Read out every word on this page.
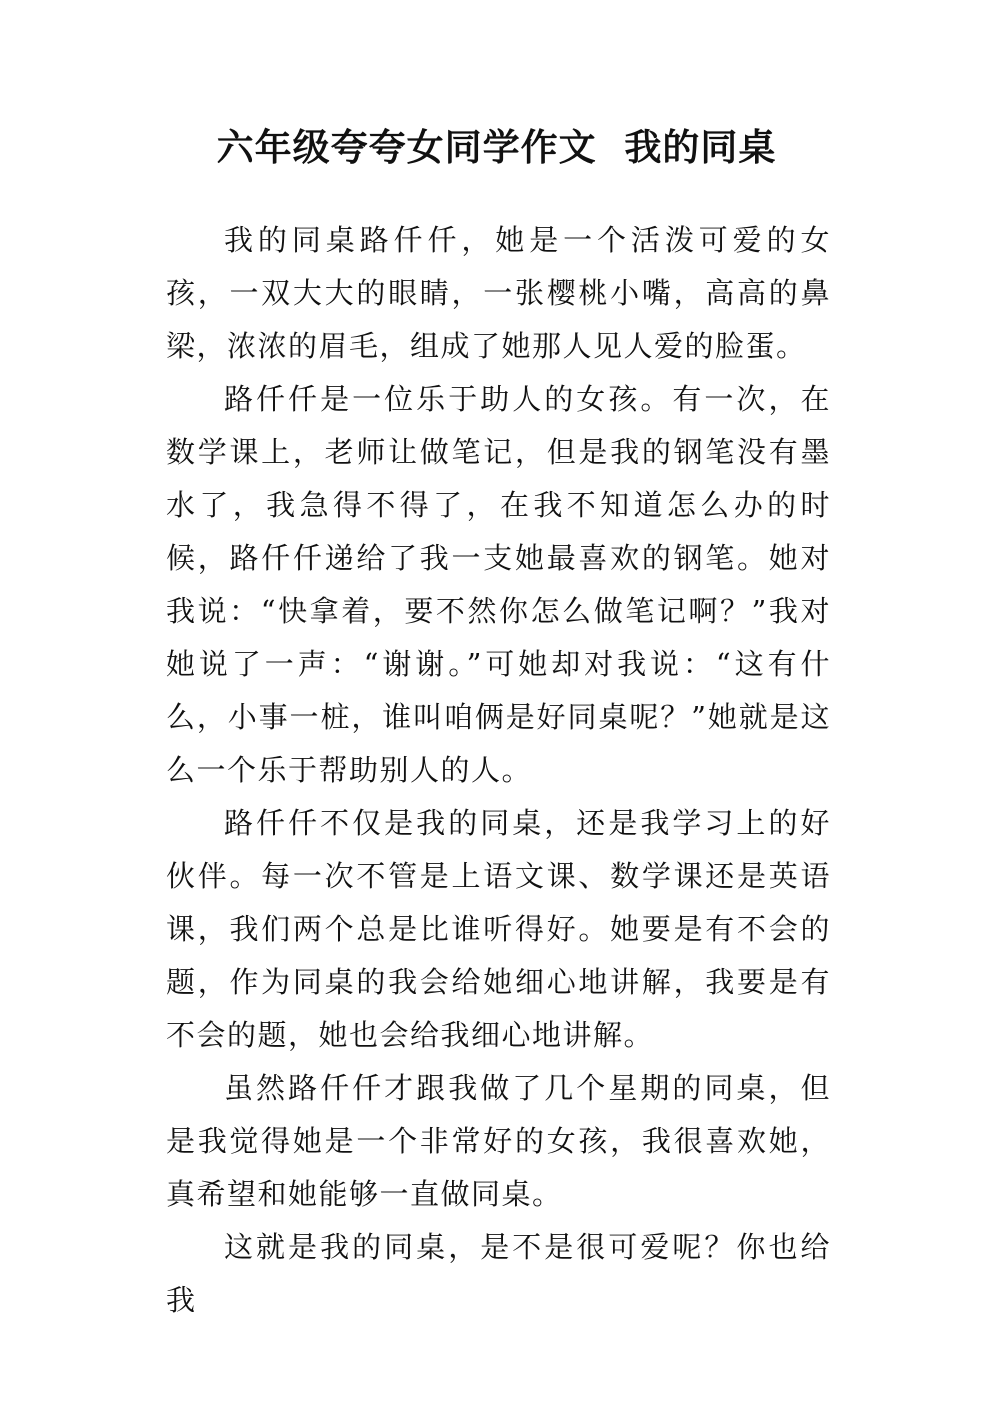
六年级夸夸女同学作文  我的同桌

我的同桌路仟仟，她是一个活泼可爱的女孩，一双大大的眼睛，一张樱桃小嘴，高高的鼻梁，浓浓的眉毛，组成了她那人见人爱的脸蛋。

路仟仟是一位乐于助人的女孩。有一次，在数学课上，老师让做笔记，但是我的钢笔没有墨水了，我急得不得了，在我不知道怎么办的时候，路仟仟递给了我一支她最喜欢的钢笔。她对我说：“快拿着，要不然你怎么做笔记啊？”我对她说了一声：“谢谢。”可她却对我说：“这有什么，小事一桩，谁叫咱俩是好同桌呢？”她就是这么一个乐于帮助别人的人。

路仟仟不仅是我的同桌，还是我学习上的好伙伴。每一次不管是上语文课、数学课还是英语课，我们两个总是比谁听得好。她要是有不会的题，作为同桌的我会给她细心地讲解，我要是有不会的题，她也会给我细心地讲解。

虽然路仟仟才跟我做了几个星期的同桌，但是我觉得她是一个非常好的女孩，我很喜欢她，真希望和她能够一直做同桌。

这就是我的同桌，是不是很可爱呢？你也给我
